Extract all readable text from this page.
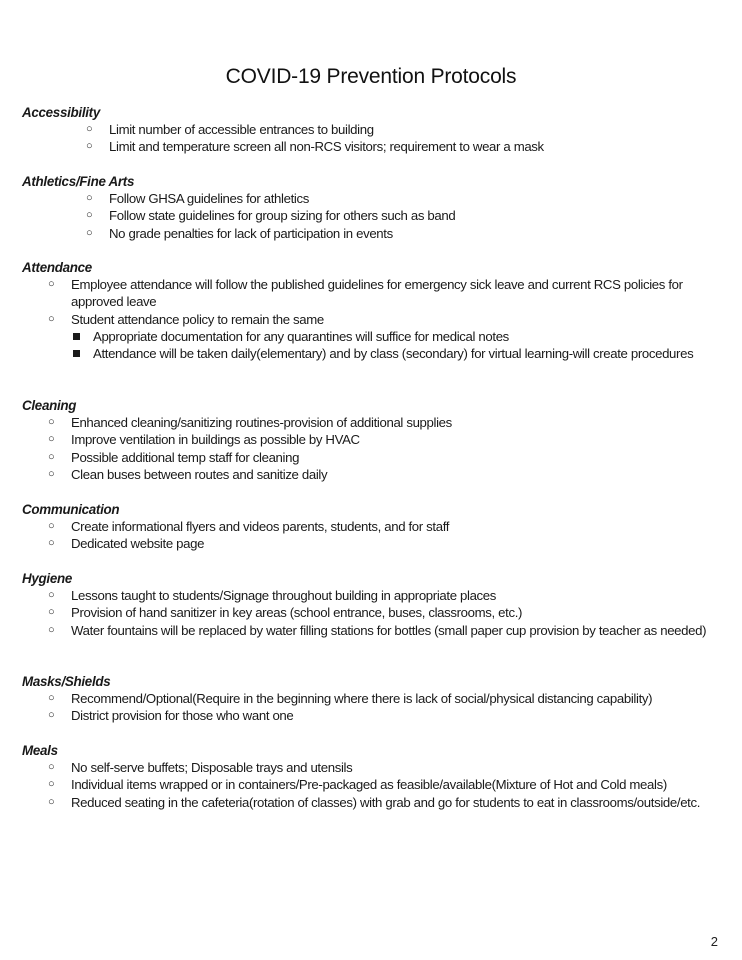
COVID-19 Prevention Protocols
Accessibility
○ Limit number of accessible entrances to building
○ Limit and temperature screen all non-RCS visitors; requirement to wear a mask
Athletics/Fine Arts
○ Follow GHSA guidelines for athletics
○ Follow state guidelines for group sizing for others such as band
○ No grade penalties for lack of participation in events
Attendance
○ Employee attendance will follow the published guidelines for emergency sick leave and current RCS policies for approved leave
○ Student attendance policy to remain the same
Appropriate documentation for any quarantines will suffice for medical notes
Attendance will be taken daily(elementary) and by class (secondary) for virtual learning-will create procedures
Cleaning
○ Enhanced cleaning/sanitizing routines-provision of additional supplies
○ Improve ventilation in buildings as possible by HVAC
○ Possible additional temp staff for cleaning
○ Clean buses between routes and sanitize daily
Communication
○ Create informational flyers and videos parents, students, and for staff
○ Dedicated website page
Hygiene
○ Lessons taught to students/Signage throughout building in appropriate places
○ Provision of hand sanitizer in key areas (school entrance, buses, classrooms, etc.)
○ Water fountains will be replaced by water filling stations for bottles (small paper cup provision by teacher as needed)
Masks/Shields
○ Recommend/Optional(Require in the beginning where there is lack of social/physical distancing capability)
○ District provision for those who want one
Meals
○ No self-serve buffets; Disposable trays and utensils
○ Individual items wrapped or in containers/Pre-packaged as feasible/available(Mixture of Hot and Cold meals)
○ Reduced seating in the cafeteria(rotation of classes) with grab and go for students to eat in classrooms/outside/etc.
2
